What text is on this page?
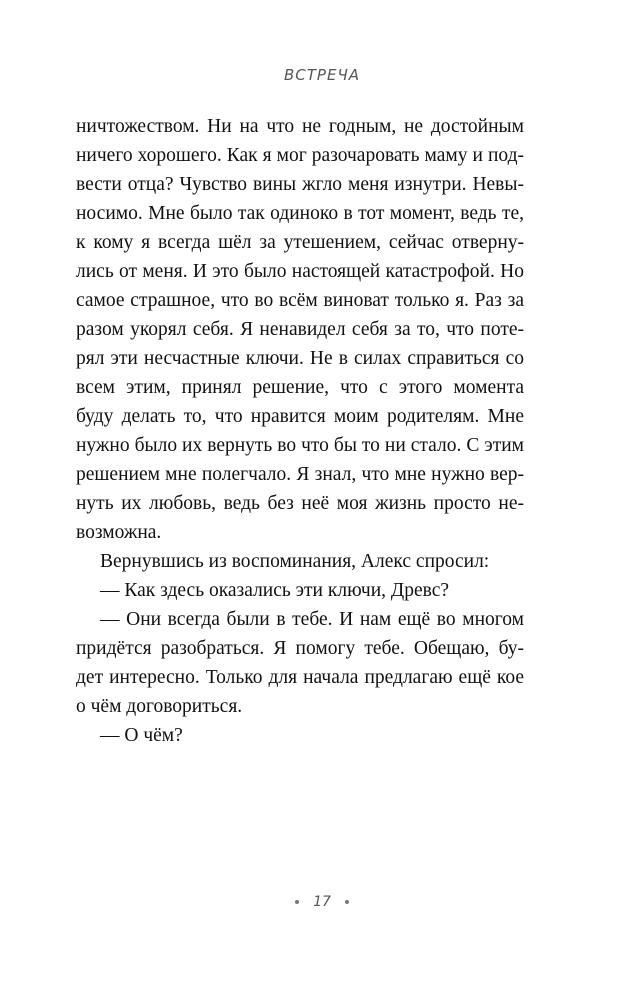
ВСТРЕЧА
ничтожеством. Ни на что не годным, не достойным
ничего хорошего. Как я мог разочаровать маму и под-
вести отца? Чувство вины жгло меня изнутри. Невы-
носимо. Мне было так одиноко в тот момент, ведь те,
к кому я всегда шёл за утешением, сейчас отверну-
лись от меня. И это было настоящей катастрофой. Но
самое страшное, что во всём виноват только я. Раз за
разом укорял себя. Я ненавидел себя за то, что поте-
рял эти несчастные ключи. Не в силах справиться со
всем этим, принял решение, что с этого момента
буду делать то, что нравится моим родителям. Мне
нужно было их вернуть во что бы то ни стало. С этим
решением мне полегчало. Я знал, что мне нужно вер-
нуть их любовь, ведь без неё моя жизнь просто не-
возможна.
Вернувшись из воспоминания, Алекс спросил:
— Как здесь оказались эти ключи, Древс?
— Они всегда были в тебе. И нам ещё во многом
придётся разобраться. Я помогу тебе. Обещаю, бу-
дет интересно. Только для начала предлагаю ещё кое
о чём договориться.
— О чём?
17
